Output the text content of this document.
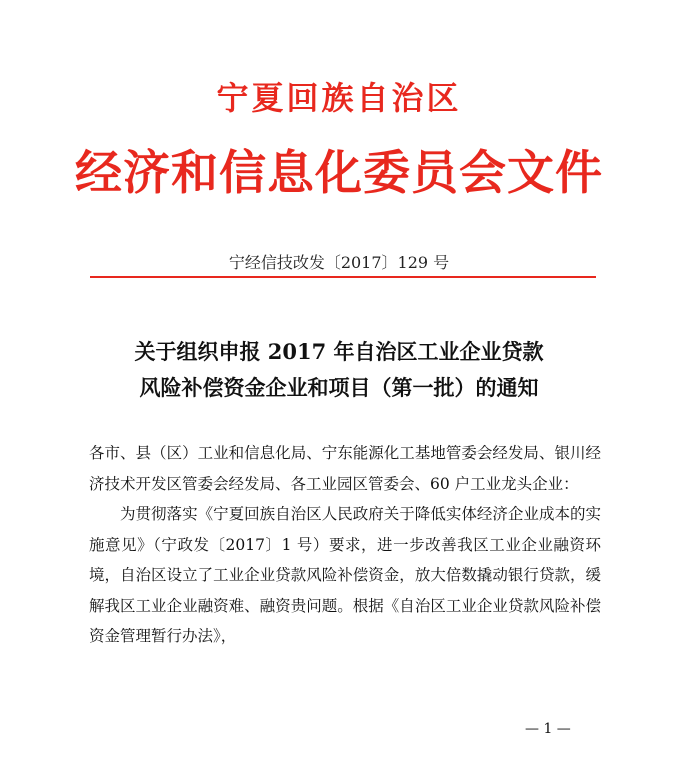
宁夏回族自治区
经济和信息化委员会文件
宁经信技改发〔2017〕129 号
关于组织申报 2017 年自治区工业企业贷款
风险补偿资金企业和项目（第一批）的通知

各市、县（区）工业和信息化局、宁东能源化工基地管委会经发局、银川经济技术开发区管委会经发局、各工业园区管委会、60 户工业龙头企业：

为贯彻落实《宁夏回族自治区人民政府关于降低实体经济企业成本的实施意见》（宁政发〔2017〕1 号）要求，进一步改善我区工业企业融资环境，自治区设立了工业企业贷款风险补偿资金，放大倍数撬动银行贷款，缓解我区工业企业融资难、融资贵问题。根据《自治区工业企业贷款风险补偿资金管理暂行办法》，

— 1 —
